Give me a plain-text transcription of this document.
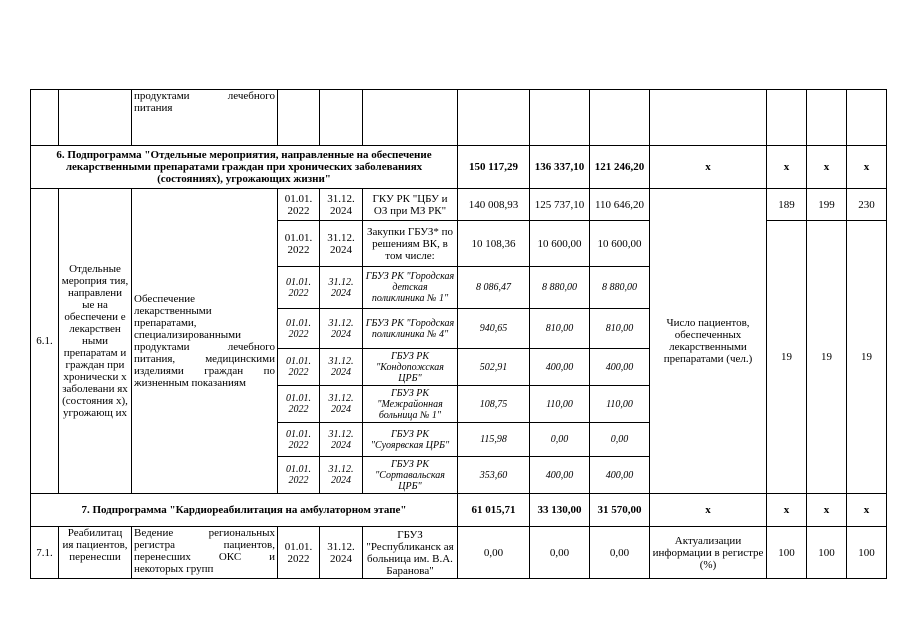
		продуктами лечебного питания										
6. Подпрограмма "Отдельные мероприятия, направленные на обеспечение лекарственными препаратами граждан при хронических заболеваниях (состояниях), угрожающих жизни"						150 117,29	136 337,10	121 246,20	х	х	х	х
6.1.	Отдельные мероприя тия, направлени ые на обеспечени е лекарствен ными препаратам и граждан при хронически х заболевани ях (состояния х), угрожающ их	Обеспечение лекарственными препаратами, специализированными продуктами лечебного питания, медицинскими изделиями граждан по жизненным показаниям	01.01. 2022	31.12. 2024	ГКУ РК "ЦБУ и ОЗ при МЗ РК"	140 008,93	125 737,10	110 646,20	Число пациентов, обеспеченных лекарственными препаратами (чел.)	189	199	230
			01.01. 2022	31.12. 2024	Закупки ГБУЗ* по решениям ВК, в том числе:	10 108,36	10 600,00	10 600,00		19	19	19
			01.01. 2022	31.12. 2024	ГБУЗ РК "Городская детская поликлиника № 1"	8 086,47	8 880,00	8 880,00				
			01.01. 2022	31.12. 2024	ГБУЗ РК "Городская поликлиника № 4"	940,65	810,00	810,00				
			01.01. 2022	31.12. 2024	ГБУЗ РК "Кондопожская ЦРБ"	502,91	400,00	400,00				
			01.01. 2022	31.12. 2024	ГБУЗ РК "Межрайонная больница № 1"	108,75	110,00	110,00				
			01.01. 2022	31.12. 2024	ГБУЗ РК "Суоярвская ЦРБ"	115,98	0,00	0,00				
			01.01. 2022	31.12. 2024	ГБУЗ РК "Сортавальская ЦРБ"	353,60	400,00	400,00				
7. Подпрограмма "Кардиореабилитация на амбулаторном этапе"						61 015,71	33 130,00	31 570,00	х	х	х	х
7.1.	Реабилитац ия пациентов, перенесши	Ведение региональных регистра пациентов, перенесших ОКС и некоторых групп	01.01. 2022	31.12. 2024	ГБУЗ "Республиканск ая больница им. В.А. Баранова"	0,00	0,00	0,00	Актуализации информации в регистре (%)	100	100	100
